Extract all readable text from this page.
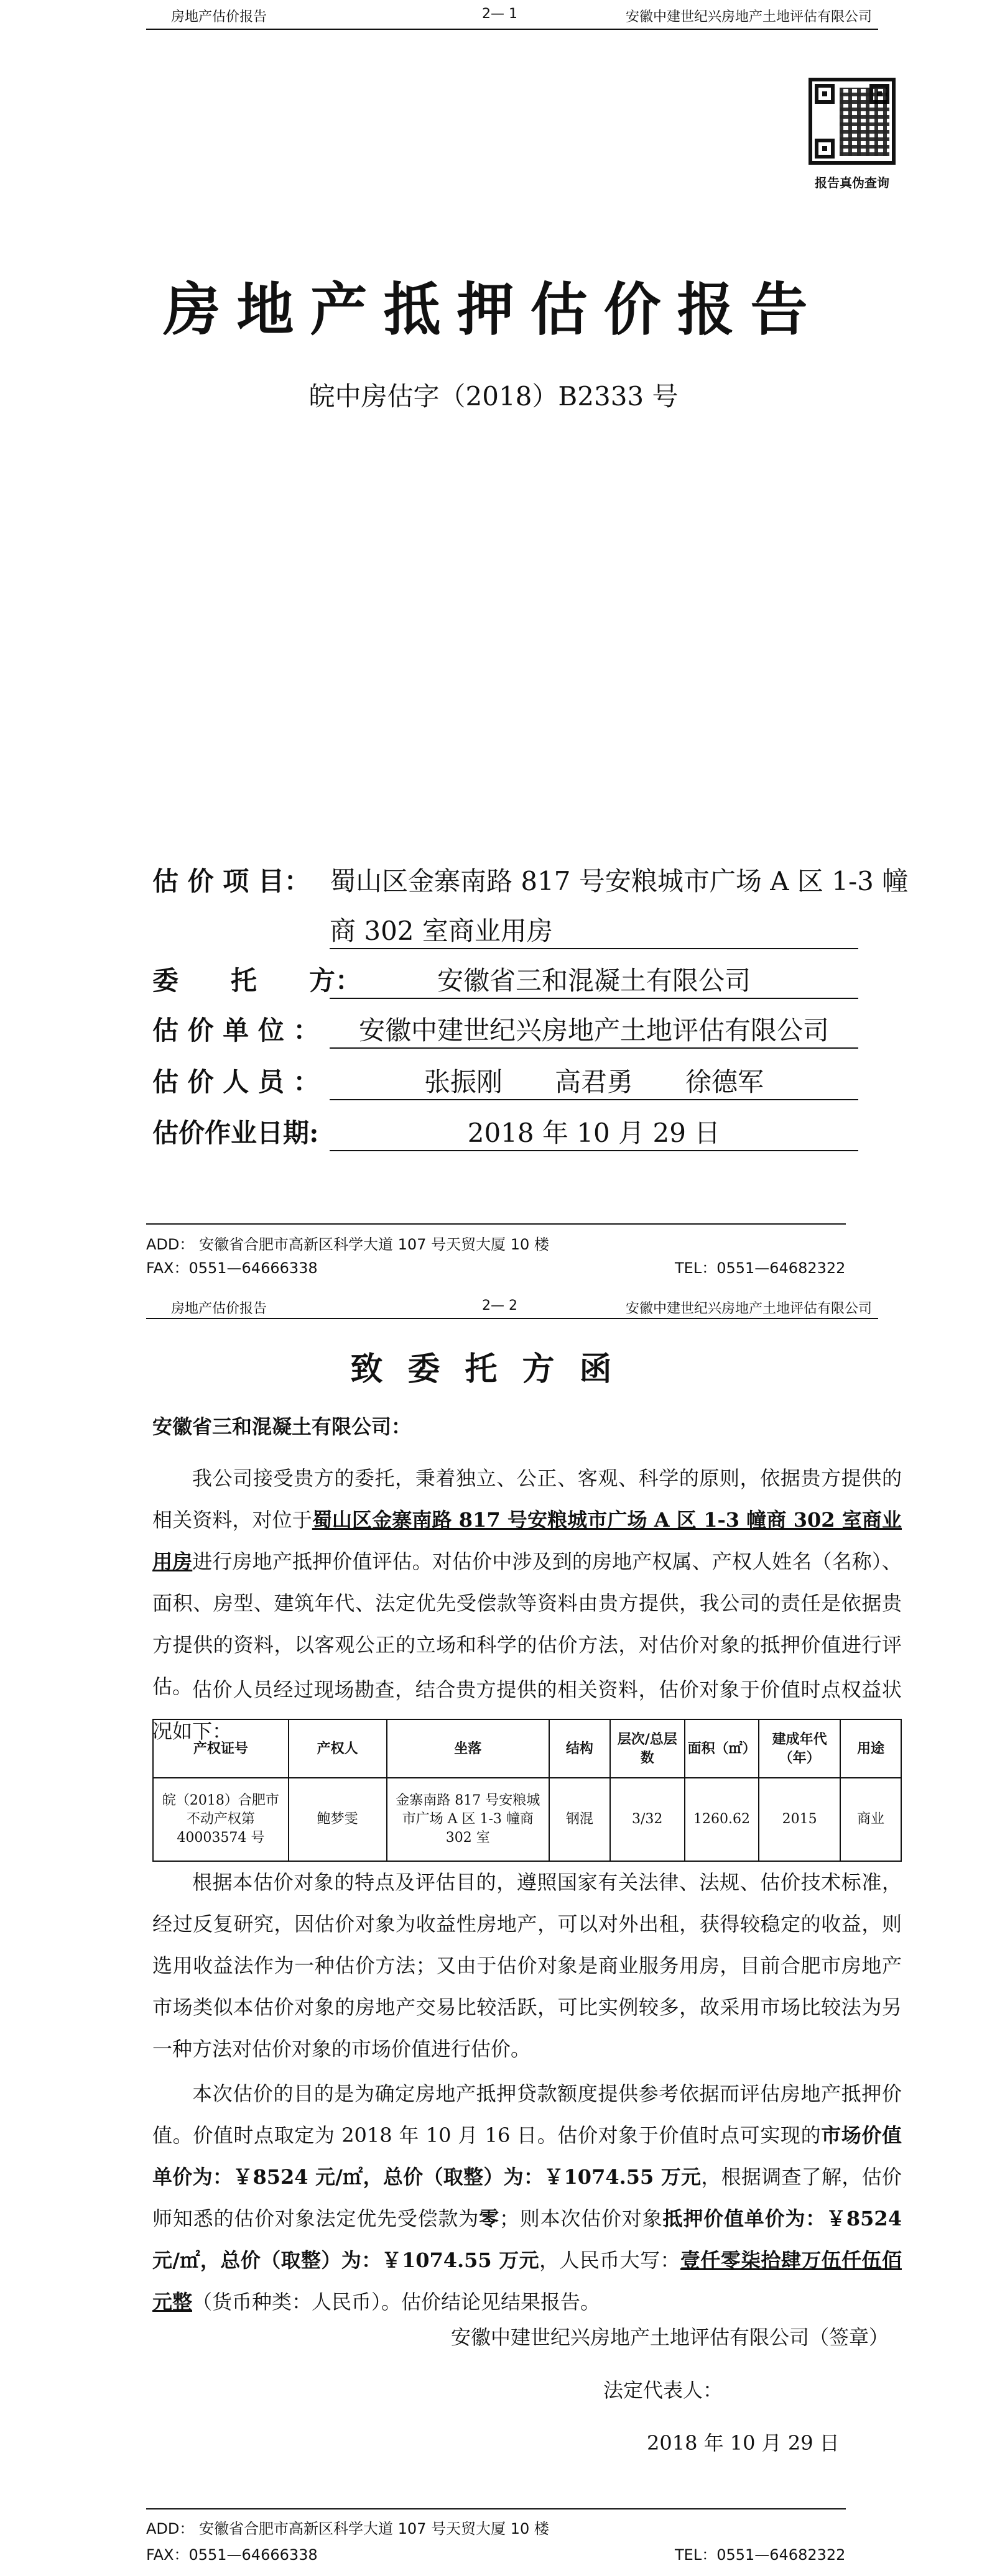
房地产估价报告	2— 1	安徽中建世纪兴房地产土地评估有限公司
报告真伪查询
房地产抵押估价报告
皖中房估字（2018）B2333 号
估 价 项 目： 蜀山区金寨南路 817 号安粮城市广场 A 区 1-3 幢
商 302 室商业用房
委　　托　　方：	安徽省三和混凝土有限公司
估 价 单 位 ：	安徽中建世纪兴房地产土地评估有限公司
估 价 人 员 ：	张振刚　　高君勇　　徐德军
估价作业日期:	2018 年 10 月 29 日
ADD： 安徽省合肥市高新区科学大道 107 号天贸大厦 10 楼
FAX：0551—64666338	TEL：0551—64682322
房地产估价报告	2— 2	安徽中建世纪兴房地产土地评估有限公司
致委托方函
安徽省三和混凝土有限公司：
我公司接受贵方的委托，秉着独立、公正、客观、科学的原则，依据贵方提供的相关资料，对位于蜀山区金寨南路 817 号安粮城市广场 A 区 1-3 幢商 302 室商业用房进行房地产抵押价值评估。对估价中涉及到的房地产权属、产权人姓名（名称）、面积、房型、建筑年代、法定优先受偿款等资料由贵方提供，我公司的责任是依据贵方提供的资料，以客观公正的立场和科学的估价方法，对估价对象的抵押价值进行评估。 估价人员经过现场勘查，结合贵方提供的相关资料，估价对象于价值时点权益状况如下：
产权证号	产权人	坐落	结构	层次/总层数	面积（㎡）	建成年代（年）	用途
皖（2018）合肥市不动产权第 40003574 号	鲍梦雯	金寨南路 817 号安粮城市广场 A 区 1-3 幢商 302 室	钢混	3/32	1260.62	2015	商业
根据本估价对象的特点及评估目的，遵照国家有关法律、法规、估价技术标准，经过反复研究，因估价对象为收益性房地产，可以对外出租，获得较稳定的收益，则选用收益法作为一种估价方法；又由于估价对象是商业服务用房，目前合肥市房地产市场类似本估价对象的房地产交易比较活跃，可比实例较多，故采用市场比较法为另一种方法对估价对象的市场价值进行估价。
本次估价的目的是为确定房地产抵押贷款额度提供参考依据而评估房地产抵押价值。价值时点取定为 2018 年 10 月 16 日。估价对象于价值时点可实现的市场价值单价为：￥8524 元/㎡，总价（取整）为：￥1074.55 万元，根据调查了解，估价师知悉的估价对象法定优先受偿款为零；则本次估价对象抵押价值单价为：￥8524 元/㎡，总价（取整）为：￥1074.55 万元，人民币大写：壹仟零柒拾肆万伍仟伍佰元整（货币种类：人民币）。估价结论见结果报告。
安徽中建世纪兴房地产土地评估有限公司（签章）
法定代表人：
2018 年 10 月 29 日
ADD： 安徽省合肥市高新区科学大道 107 号天贸大厦 10 楼
FAX：0551—64666338	TEL：0551—64682322
